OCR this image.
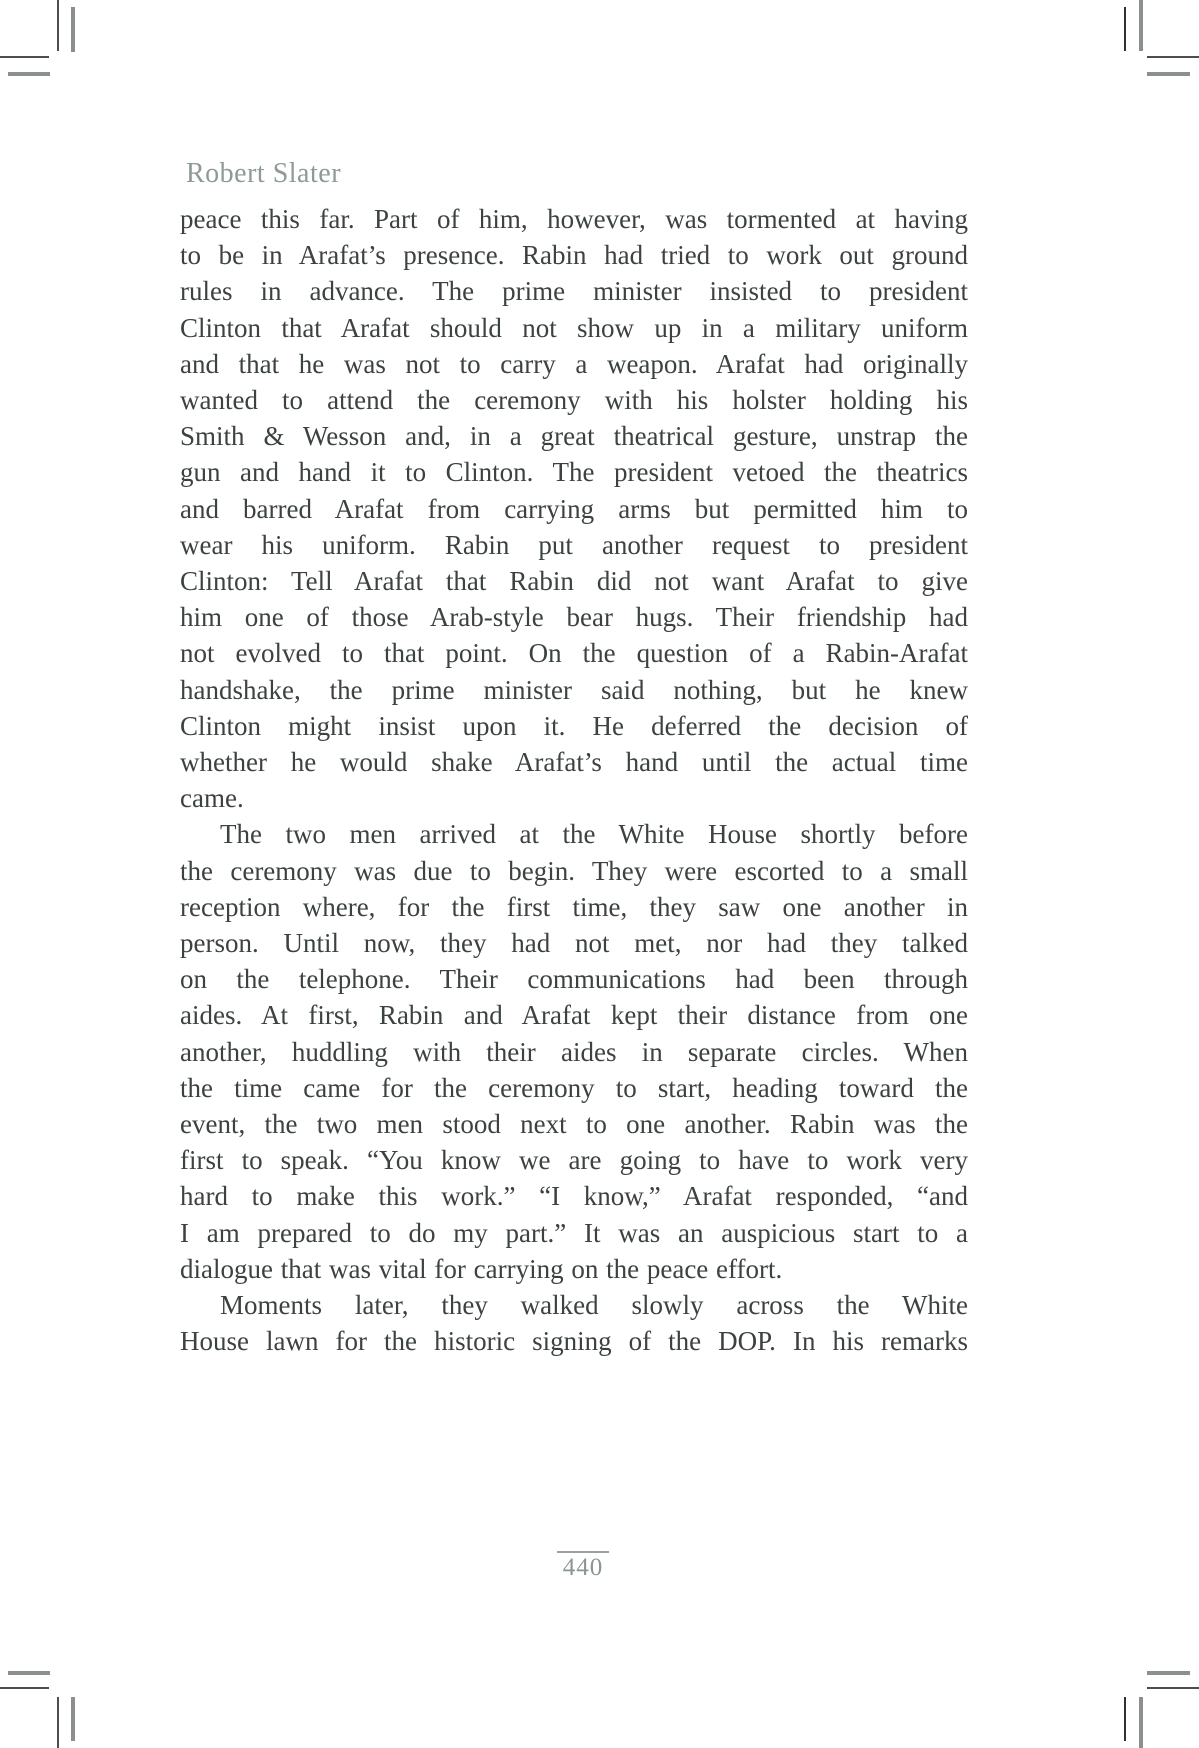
Robert Slater
peace this far. Part of him, however, was tormented at having
to be in Arafat’s presence. Rabin had tried to work out ground
rules in advance. The prime minister insisted to president
Clinton that Arafat should not show up in a military uniform
and that he was not to carry a weapon. Arafat had originally
wanted to attend the ceremony with his holster holding his
Smith & Wesson and, in a great theatrical gesture, unstrap the
gun and hand it to Clinton. The president vetoed the theatrics
and barred Arafat from carrying arms but permitted him to
wear his uniform. Rabin put another request to president
Clinton: Tell Arafat that Rabin did not want Arafat to give
him one of those Arab-style bear hugs. Their friendship had
not evolved to that point. On the question of a Rabin-Arafat
handshake, the prime minister said nothing, but he knew
Clinton might insist upon it. He deferred the decision of
whether he would shake Arafat’s hand until the actual time
came.
The two men arrived at the White House shortly before
the ceremony was due to begin. They were escorted to a small
reception where, for the first time, they saw one another in
person. Until now, they had not met, nor had they talked
on the telephone. Their communications had been through
aides. At first, Rabin and Arafat kept their distance from one
another, huddling with their aides in separate circles. When
the time came for the ceremony to start, heading toward the
event, the two men stood next to one another. Rabin was the
first to speak. “You know we are going to have to work very
hard to make this work.” “I know,” Arafat responded, “and
I am prepared to do my part.” It was an auspicious start to a
dialogue that was vital for carrying on the peace effort.
Moments later, they walked slowly across the White
House lawn for the historic signing of the DOP. In his remarks
440
